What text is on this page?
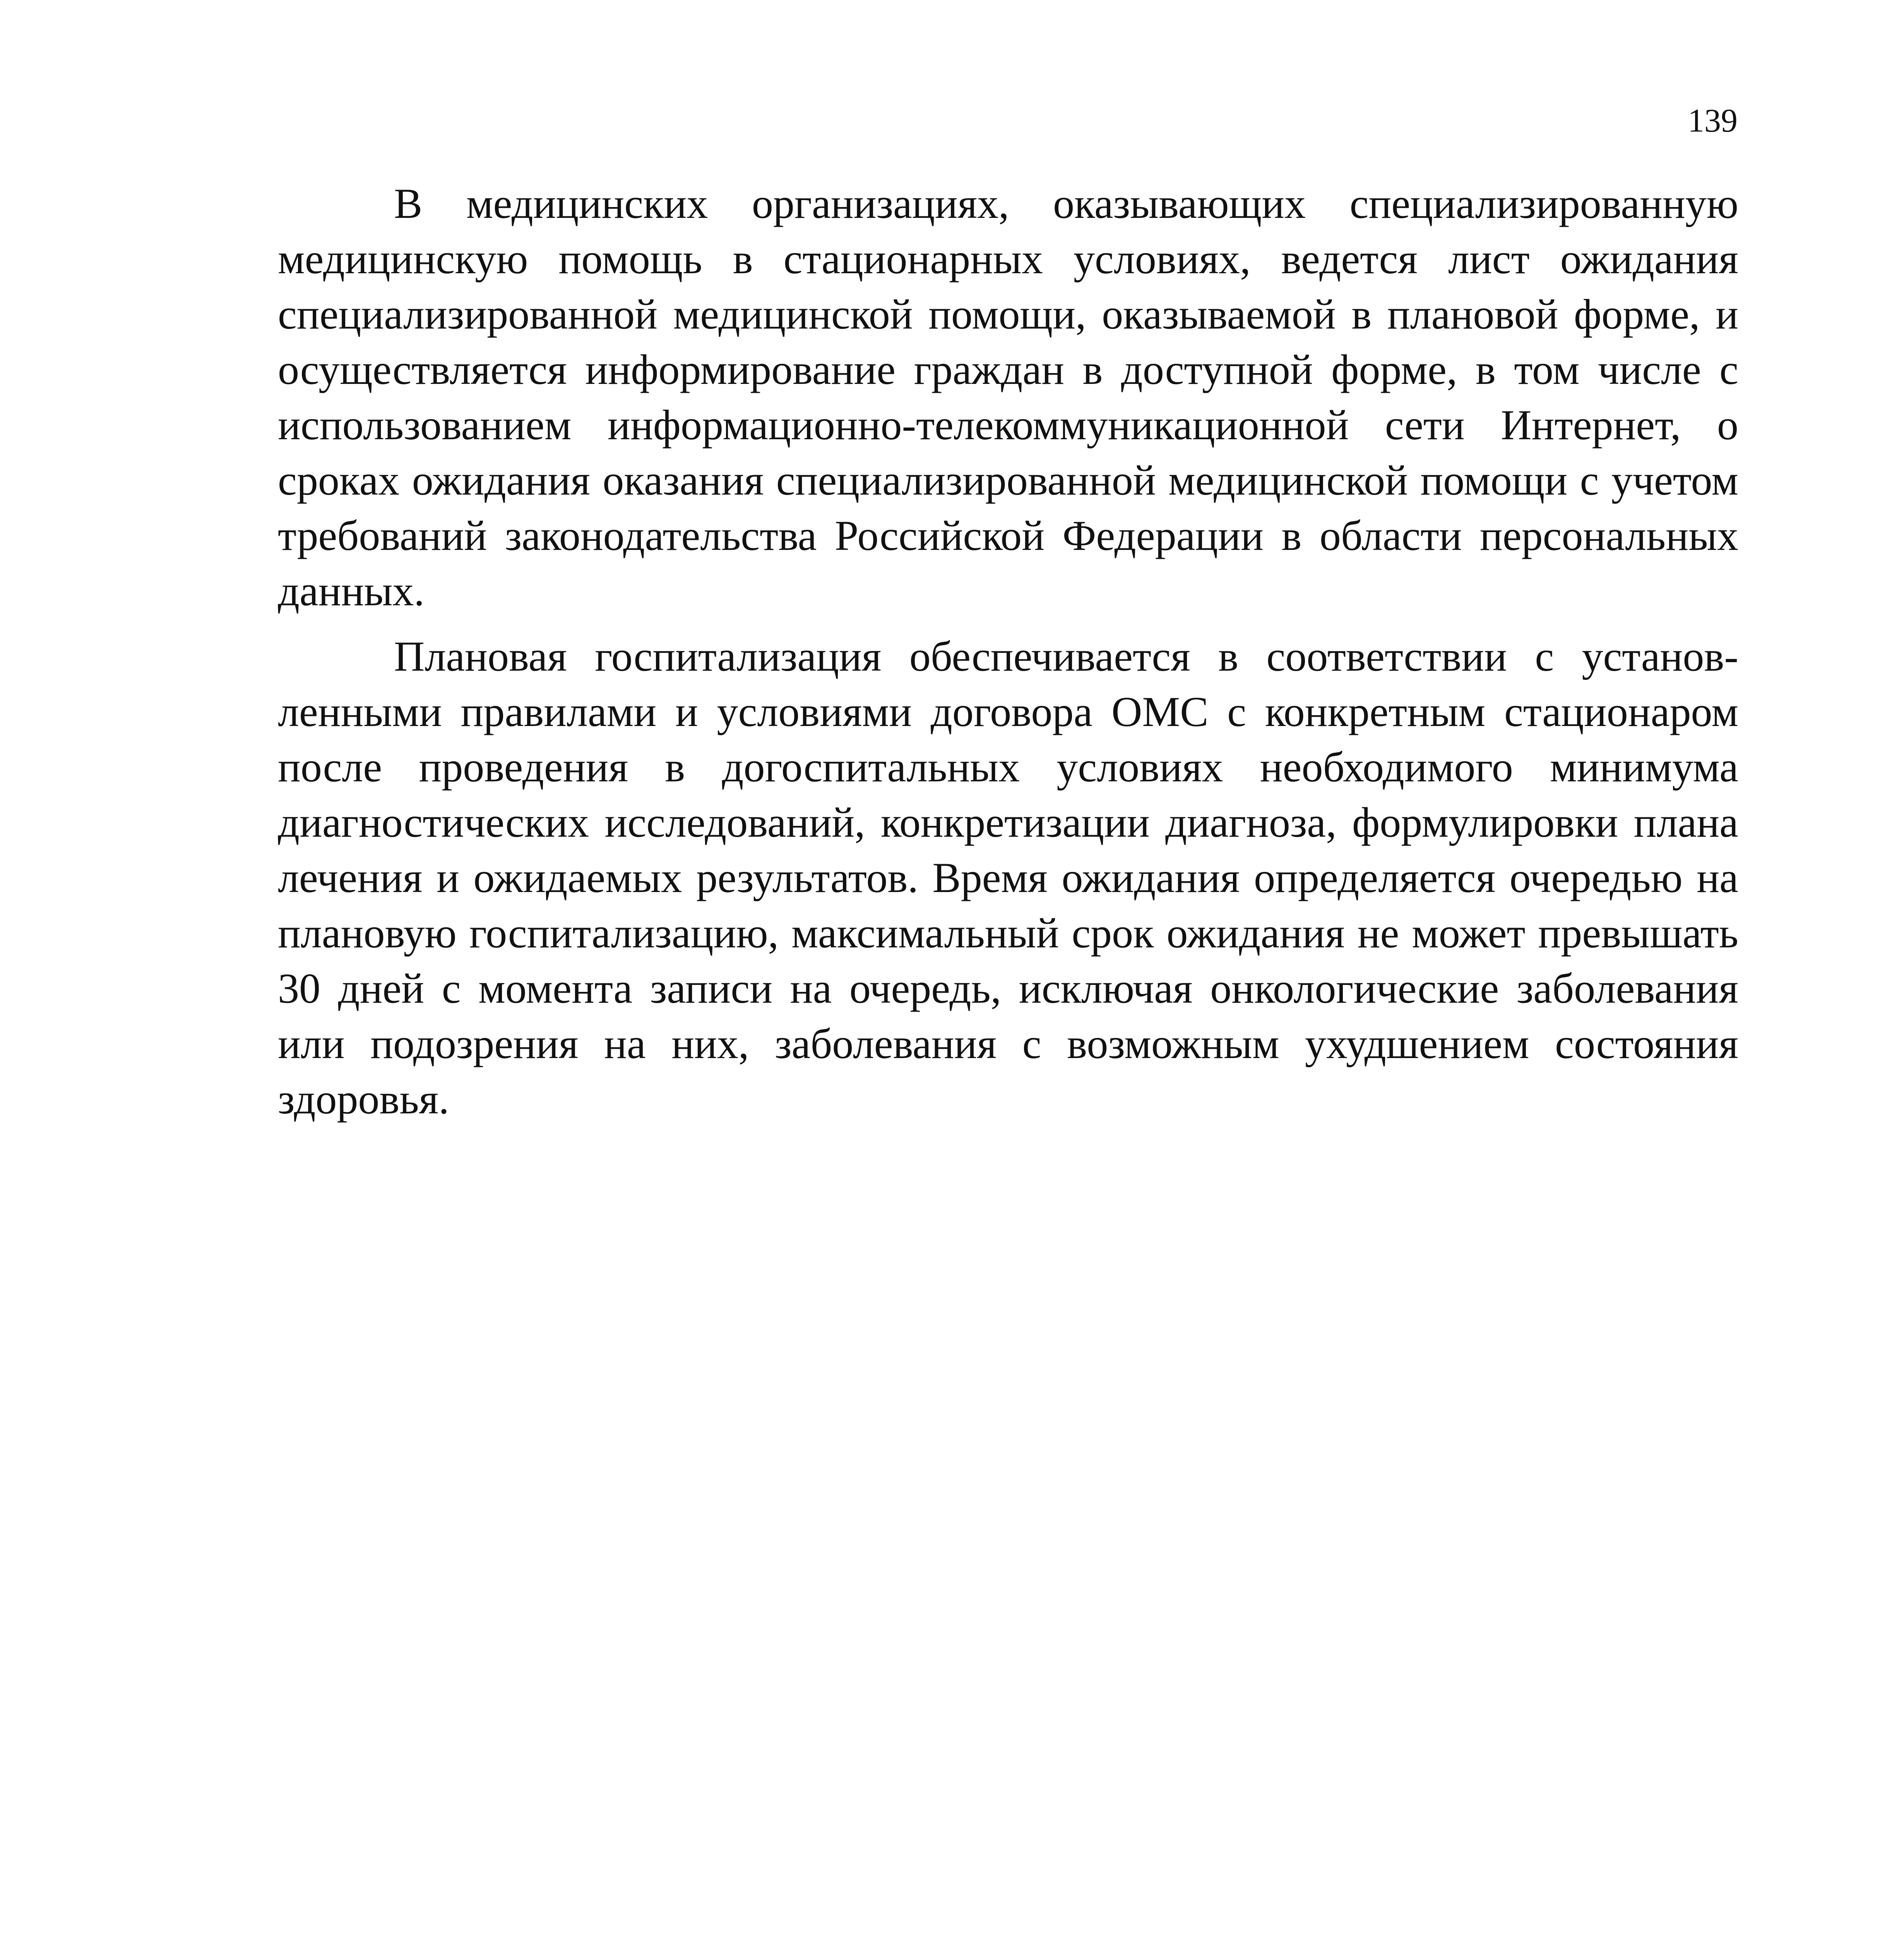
139

В медицинских организациях, оказывающих специализированную медицинскую помощь в стационарных условиях, ведется лист ожидания специализированной медицинской помощи, оказываемой в плановой форме, и осуществляется информирование граждан в доступной форме, в том числе с использованием информационно-телекоммуникационной сети Интернет, о сроках ожидания оказания специализированной медицинской помощи с учетом требований законодательства Российской Федерации в области персональных данных.

Плановая госпитализация обеспечивается в соответствии с установленными правилами и условиями договора ОМС с конкретным стационаром после проведения в догоспитальных условиях необходимого минимума диагностических исследований, конкретизации диагноза, формулировки плана лечения и ожидаемых результатов. Время ожидания определяется очередью на плановую госпитализацию, максимальный срок ожидания не может превышать 30 дней с момента записи на очередь, исключая онкологические заболевания или подозрения на них, заболевания с возможным ухудшением состояния здоровья.
